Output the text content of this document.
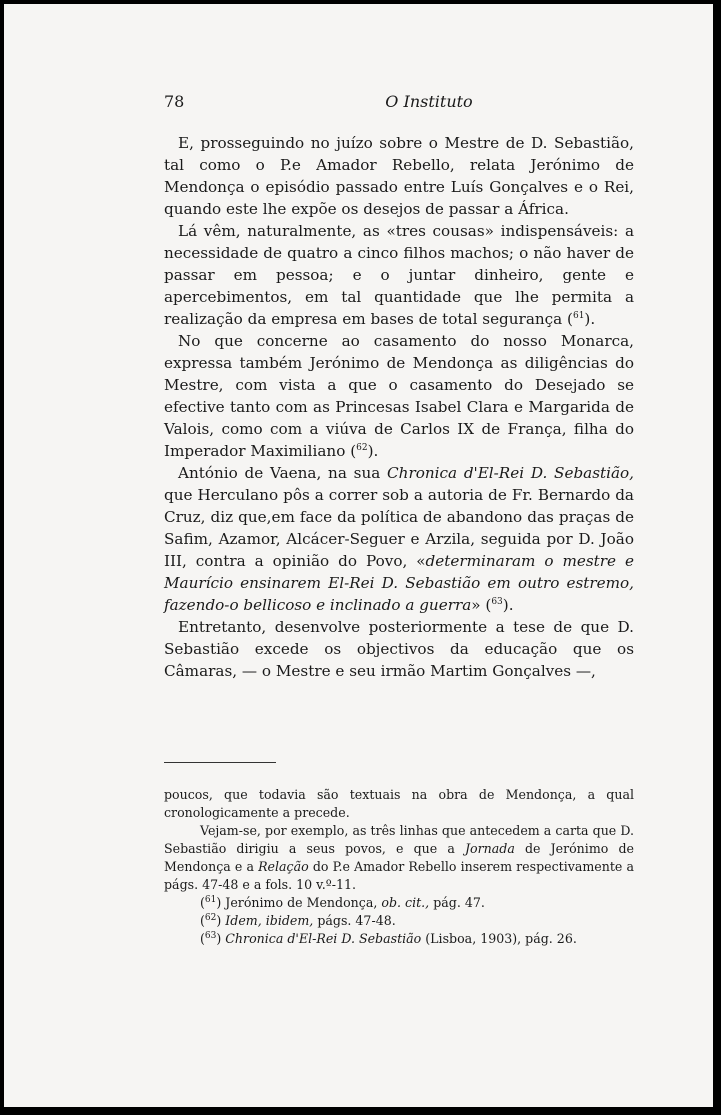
78	O Instituto

E, prosseguindo no juízo sobre o Mestre de D. Sebastião, tal como o P.e Amador Rebello, relata Jerónimo de Mendonça o episódio passado entre Luís Gonçalves e o Rei, quando este lhe expõe os desejos de passar a África.

Lá vêm, naturalmente, as «tres cousas» indispensáveis: a necessidade de quatro a cinco filhos machos; o não haver de passar em pessoa; e o juntar dinheiro, gente e apercebimentos, em tal quantidade que lhe permita a realização da empresa em bases de total segurança ($^{61}$).

No que concerne ao casamento do nosso Monarca, expressa também Jerónimo de Mendonça as diligências do Mestre, com vista a que o casamento do Desejado se efective tanto com as Princesas Isabel Clara e Margarida de Valois, como com a viúva de Carlos IX de França, filha do Imperador Maximiliano ($^{62}$).

António de Vaena, na sua Chronica d'El-Rei D. Sebastião, que Herculano pôs a correr sob a autoria de Fr. Bernardo da Cruz, diz que,em face da política de abandono das praças de Safim, Azamor, Alcácer-Seguer e Arzila, seguida por D. João III, contra a opinião do Povo, «determinaram o mestre e Maurício ensinarem El-Rei D. Sebastião em outro estremo, fazendo-o bellicoso e inclinado a guerra» ($^{63}$).

Entretanto, desenvolve posteriormente a tese de que D. Sebastião excede os objectivos da educação que os Câmaras, — o Mestre e seu irmão Martim Gonçalves —,

poucos, que todavia são textuais na obra de Mendonça, a qual cronologicamente a precede.

Vejam-se, por exemplo, as três linhas que antecedem a carta que D. Sebastião dirigiu a seus povos, e que a Jornada de Jerónimo de Mendonça e a Relação do P.e Amador Rebello inserem respectivamente a págs. 47-48 e a fols. 10 v.º-11.

($^{61}$) Jerónimo de Mendonça, ob. cit., pág. 47.

($^{62}$) Idem, ibidem, págs. 47-48.

($^{63}$) Chronica d'El-Rei D. Sebastião (Lisboa, 1903), pág. 26.
